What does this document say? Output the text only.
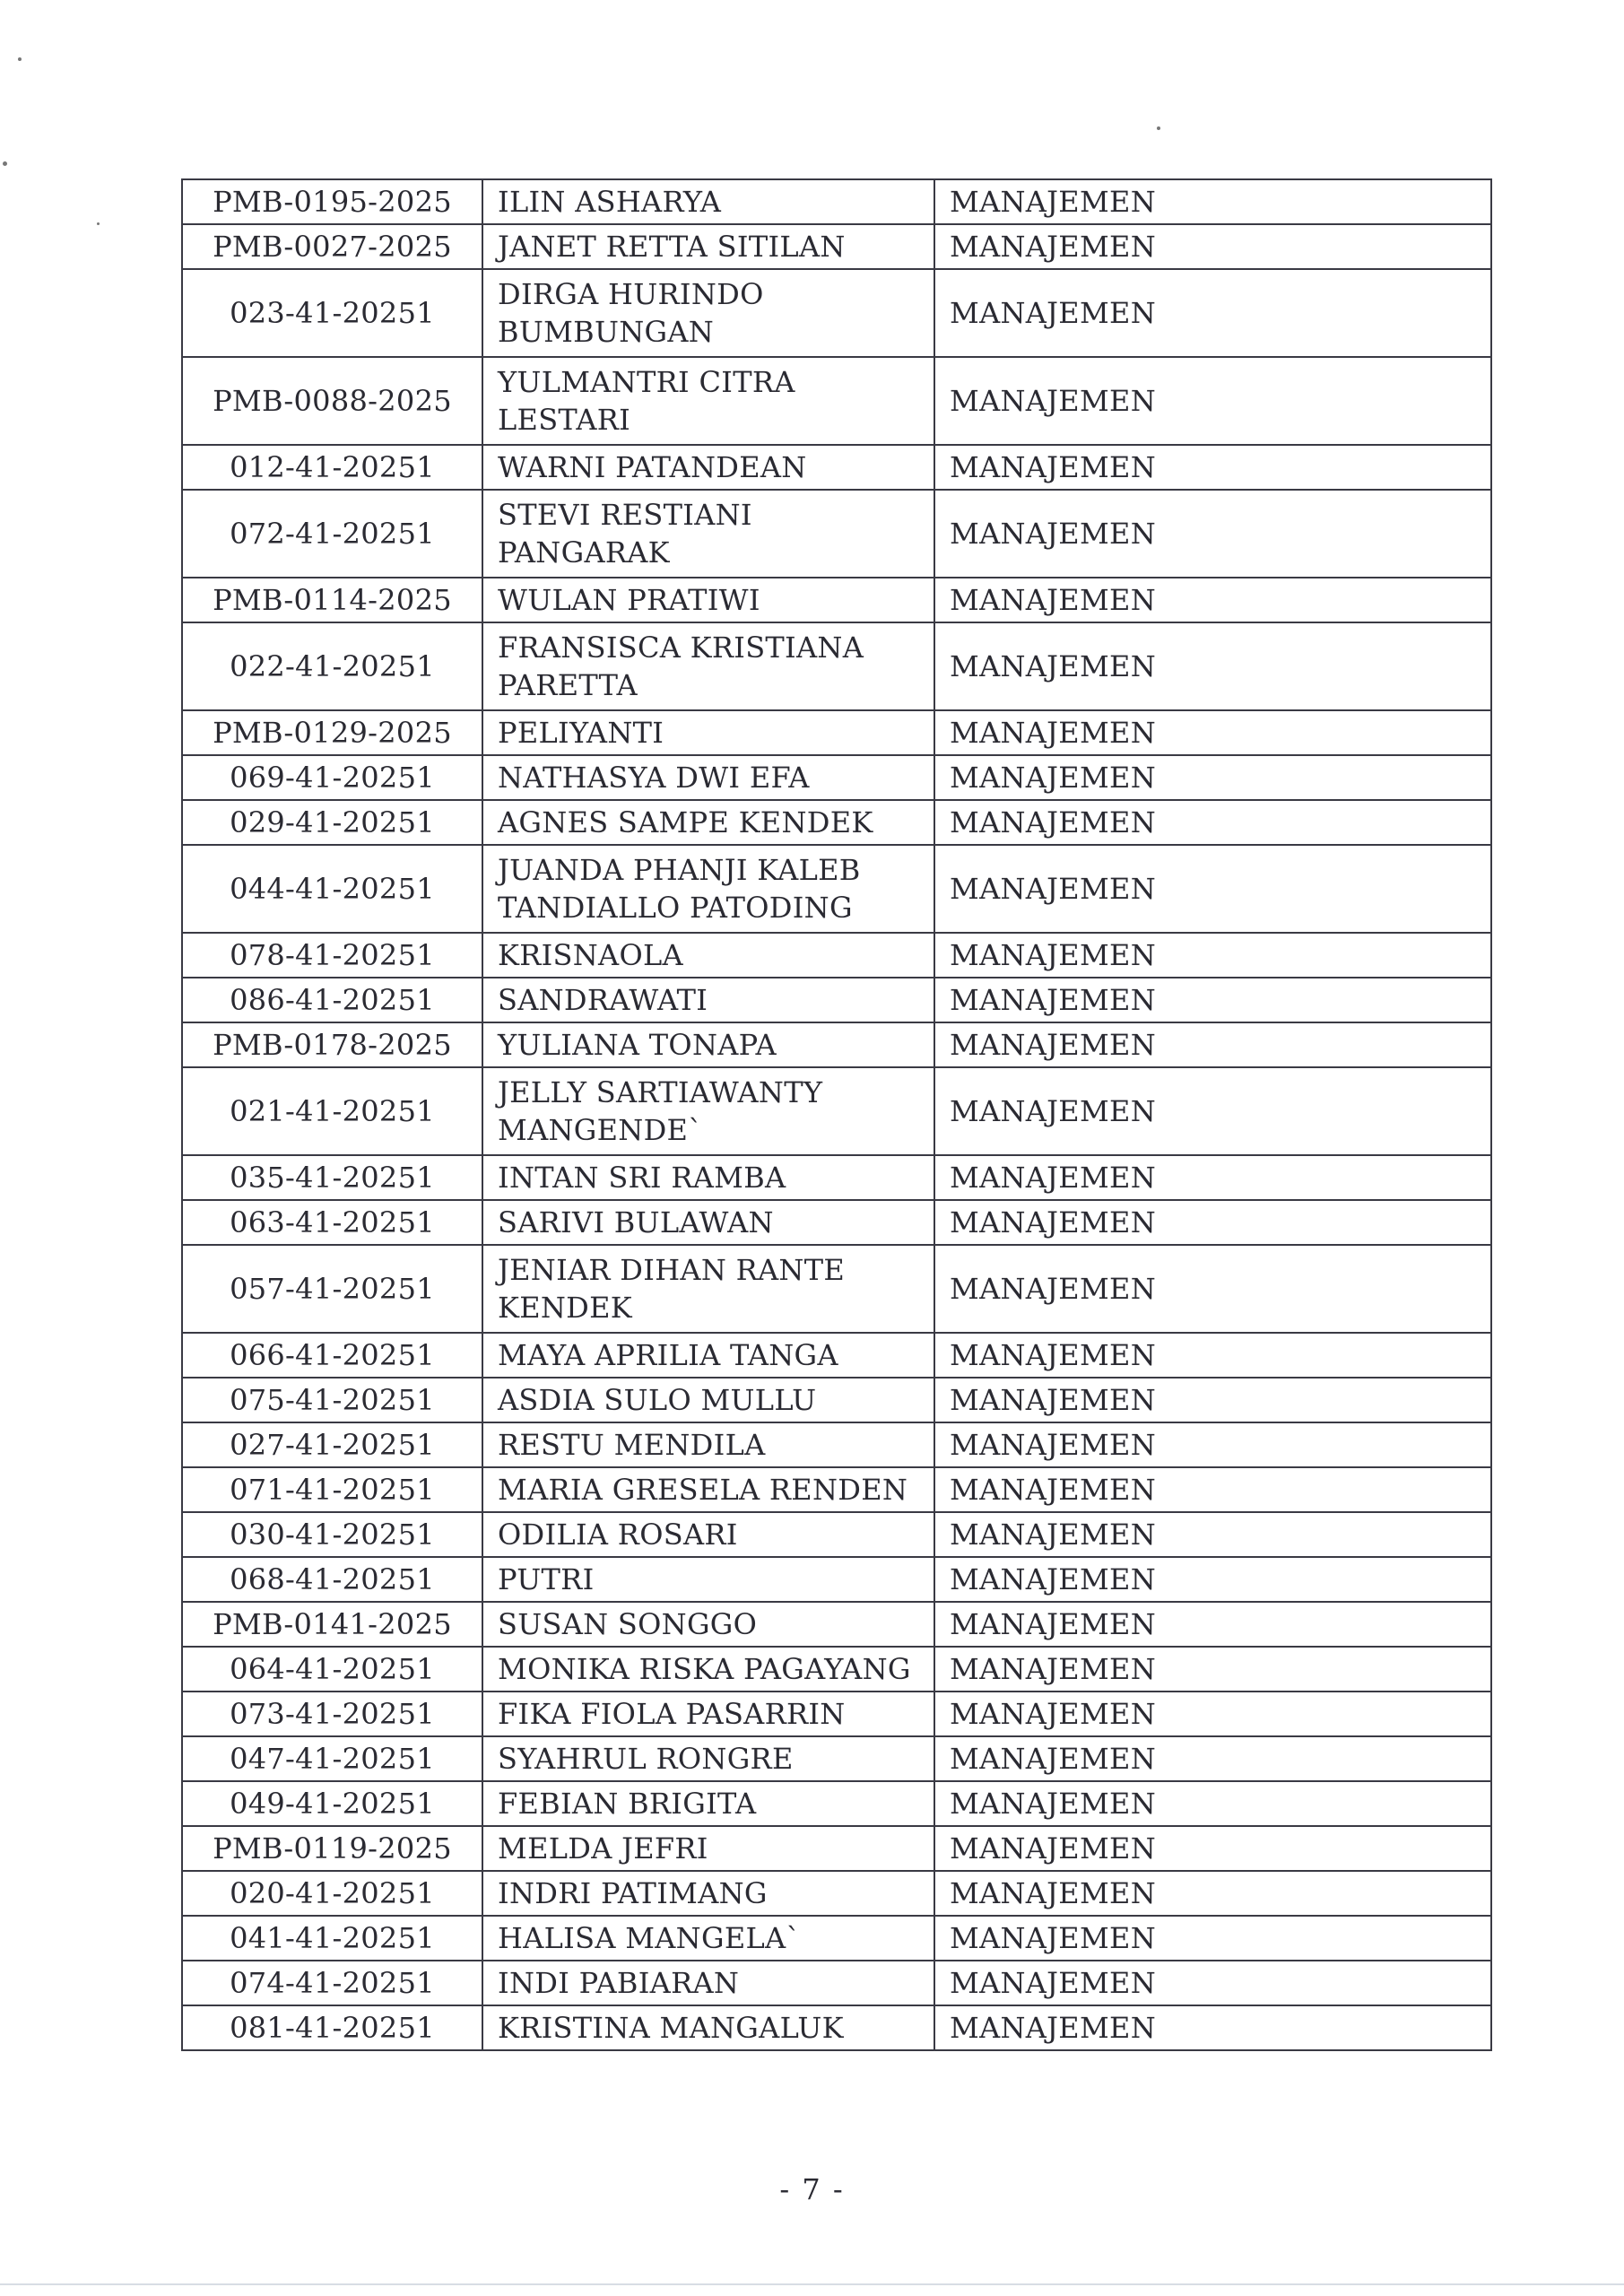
PMB-0195-2025	ILIN ASHARYA	MANAJEMEN
PMB-0027-2025	JANET RETTA SITILAN	MANAJEMEN
023-41-20251	DIRGA HURINDO BUMBUNGAN	MANAJEMEN
PMB-0088-2025	YULMANTRI CITRA LESTARI	MANAJEMEN
012-41-20251	WARNI PATANDEAN	MANAJEMEN
072-41-20251	STEVI RESTIANI PANGARAK	MANAJEMEN
PMB-0114-2025	WULAN PRATIWI	MANAJEMEN
022-41-20251	FRANSISCA KRISTIANA PARETTA	MANAJEMEN
PMB-0129-2025	PELIYANTI	MANAJEMEN
069-41-20251	NATHASYA DWI EFA	MANAJEMEN
029-41-20251	AGNES SAMPE KENDEK	MANAJEMEN
044-41-20251	JUANDA PHANJI KALEB TANDIALLO PATODING	MANAJEMEN
078-41-20251	KRISNAOLA	MANAJEMEN
086-41-20251	SANDRAWATI	MANAJEMEN
PMB-0178-2025	YULIANA TONAPA	MANAJEMEN
021-41-20251	JELLY SARTIAWANTY MANGENDE`	MANAJEMEN
035-41-20251	INTAN SRI RAMBA	MANAJEMEN
063-41-20251	SARIVI BULAWAN	MANAJEMEN
057-41-20251	JENIAR DIHAN RANTE KENDEK	MANAJEMEN
066-41-20251	MAYA APRILIA TANGA	MANAJEMEN
075-41-20251	ASDIA SULO MULLU	MANAJEMEN
027-41-20251	RESTU MENDILA	MANAJEMEN
071-41-20251	MARIA GRESELA RENDEN	MANAJEMEN
030-41-20251	ODILIA ROSARI	MANAJEMEN
068-41-20251	PUTRI	MANAJEMEN
PMB-0141-2025	SUSAN SONGGO	MANAJEMEN
064-41-20251	MONIKA RISKA PAGAYANG	MANAJEMEN
073-41-20251	FIKA FIOLA PASARRIN	MANAJEMEN
047-41-20251	SYAHRUL RONGRE	MANAJEMEN
049-41-20251	FEBIAN BRIGITA	MANAJEMEN
PMB-0119-2025	MELDA JEFRI	MANAJEMEN
020-41-20251	INDRI PATIMANG	MANAJEMEN
041-41-20251	HALISA MANGELA`	MANAJEMEN
074-41-20251	INDI PABIARAN	MANAJEMEN
081-41-20251	KRISTINA MANGALUK	MANAJEMEN
- 7 -
